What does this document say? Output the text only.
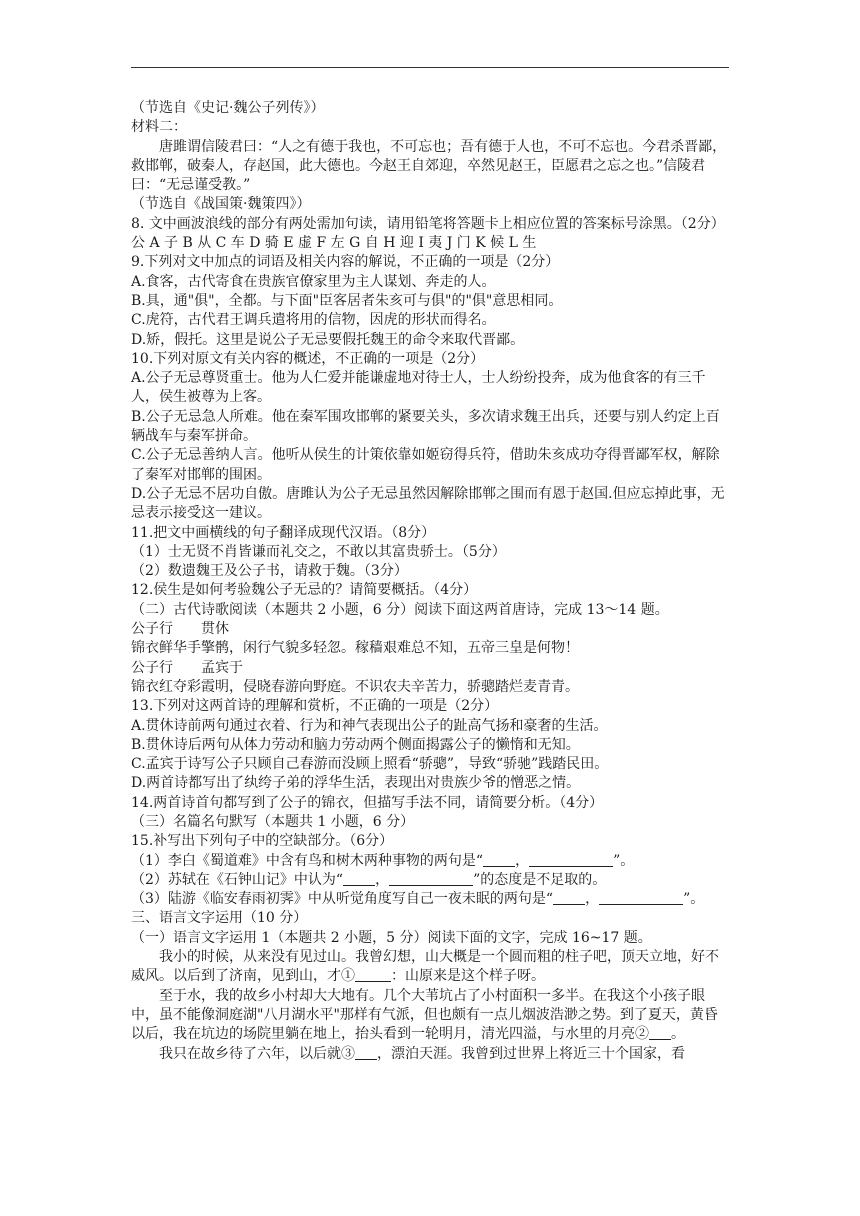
（节选自《史记·魏公子列传》）

材料二：

唐雎谓信陵君曰：“人之有德于我也，不可忘也；吾有德于人也，不可不忘也。今君杀晋鄙，救邯郸，破秦人，存赵国，此大德也。今赵王自郊迎，卒然见赵王，臣愿君之忘之也。”信陵君曰：“无忌谨受教。”

（节选自《战国策·魏策四》）

8. 文中画波浪线的部分有两处需加句读，请用铅笔将答题卡上相应位置的答案标号涂黑。（2分）

公 A 子 B 从 C 车 D 骑 E 虚 F 左 G 自 H 迎 I 夷 J 门 K 候 L 生

9.下列对文中加点的词语及相关内容的解说，不正确的一项是（2分）

A.食客，古代寄食在贵族官僚家里为主人谋划、奔走的人。

B.具，通"俱"，全都。与下面"臣客居者朱亥可与俱"的"俱"意思相同。

C.虎符，古代君王调兵遣将用的信物，因虎的形状而得名。

D.矫，假托。这里是说公子无忌要假托魏王的命令来取代晋鄙。

10.下列对原文有关内容的概述，不正确的一项是（2分）

A.公子无忌尊贤重士。他为人仁爱并能谦虚地对待士人，士人纷纷投奔，成为他食客的有三千人，侯生被尊为上客。

B.公子无忌急人所难。他在秦军围攻邯郸的紧要关头，多次请求魏王出兵，还要与别人约定上百辆战车与秦军拼命。

C.公子无忌善纳人言。他听从侯生的计策依靠如姬窃得兵符，借助朱亥成功夺得晋鄙军权，解除了秦军对邯郸的围困。

D.公子无忌不居功自傲。唐雎认为公子无忌虽然因解除邯郸之围而有恩于赵国.但应忘掉此事，无忌表示接受这一建议。

11.把文中画横线的句子翻译成现代汉语。（8分）

（1）士无贤不肖皆谦而礼交之，不敢以其富贵骄士。（5分）

（2）数遗魏王及公子书，请救于魏。（3分）

12.侯生是如何考验魏公子无忌的？请简要概括。（4分）

（二）古代诗歌阅读（本题共 2 小题，6 分）阅读下面这两首唐诗，完成 13～14 题。

公子行　　贯休

锦衣鲜华手擎鹘，闲行气貌多轻忽。稼穑艰难总不知，五帝三皇是何物！

公子行　　孟宾于

锦衣红夺彩霞明，侵晓春游向野庭。不识农夫辛苦力，骄骢踏烂麦青青。

13.下列对这两首诗的理解和赏析，不正确的一项是（2分）

A.贯休诗前两句通过衣着、行为和神气表现出公子的趾高气扬和豪奢的生活。

B.贯休诗后两句从体力劳动和脑力劳动两个侧面揭露公子的懒惰和无知。

C.孟宾于诗写公子只顾自己春游而没顾上照看“骄骢”，导致“骄驰”践踏民田。

D.两首诗都写出了纨绔子弟的浮华生活，表现出对贵族少爷的憎恶之情。

14.两首诗首句都写到了公子的锦衣，但描写手法不同，请简要分析。（4分）

（三）名篇名句默写（本题共 1 小题，6 分）

15.补写出下列句子中的空缺部分。（6分）

（1）李白《蜀道难》中含有鸟和树木两种事物的两句是“ ，	”。

（2）苏轼在《石钟山记》中认为“ ，	”的态度是不足取的。

（3）陆游《临安春雨初霁》中从听觉角度写自己一夜未眠的两句是“ ，	”。

三、语言文字运用（10 分）

（一）语言文字运用 1（本题共 2 小题，5 分）阅读下面的文字，完成 16~17 题。

我小的时候，从来没有见过山。我曾幻想，山大概是一个圆而粗的柱子吧，顶天立地，好不威风。以后到了济南，见到山，才①	：山原来是这个样子呀。

至于水，我的故乡小村却大大地有。几个大苇坑占了小村面积一多半。在我这个小孩子眼中，虽不能像洞庭湖"八月湖水平"那样有气派，但也颇有一点儿烟波浩渺之势。到了夏天，黄昏以后，我在坑边的场院里躺在地上，抬头看到一轮明月，清光四溢，与水里的月亮② 。

我只在故乡待了六年，以后就③ ，漂泊天涯。我曾到过世界上将近三十个国家，看
